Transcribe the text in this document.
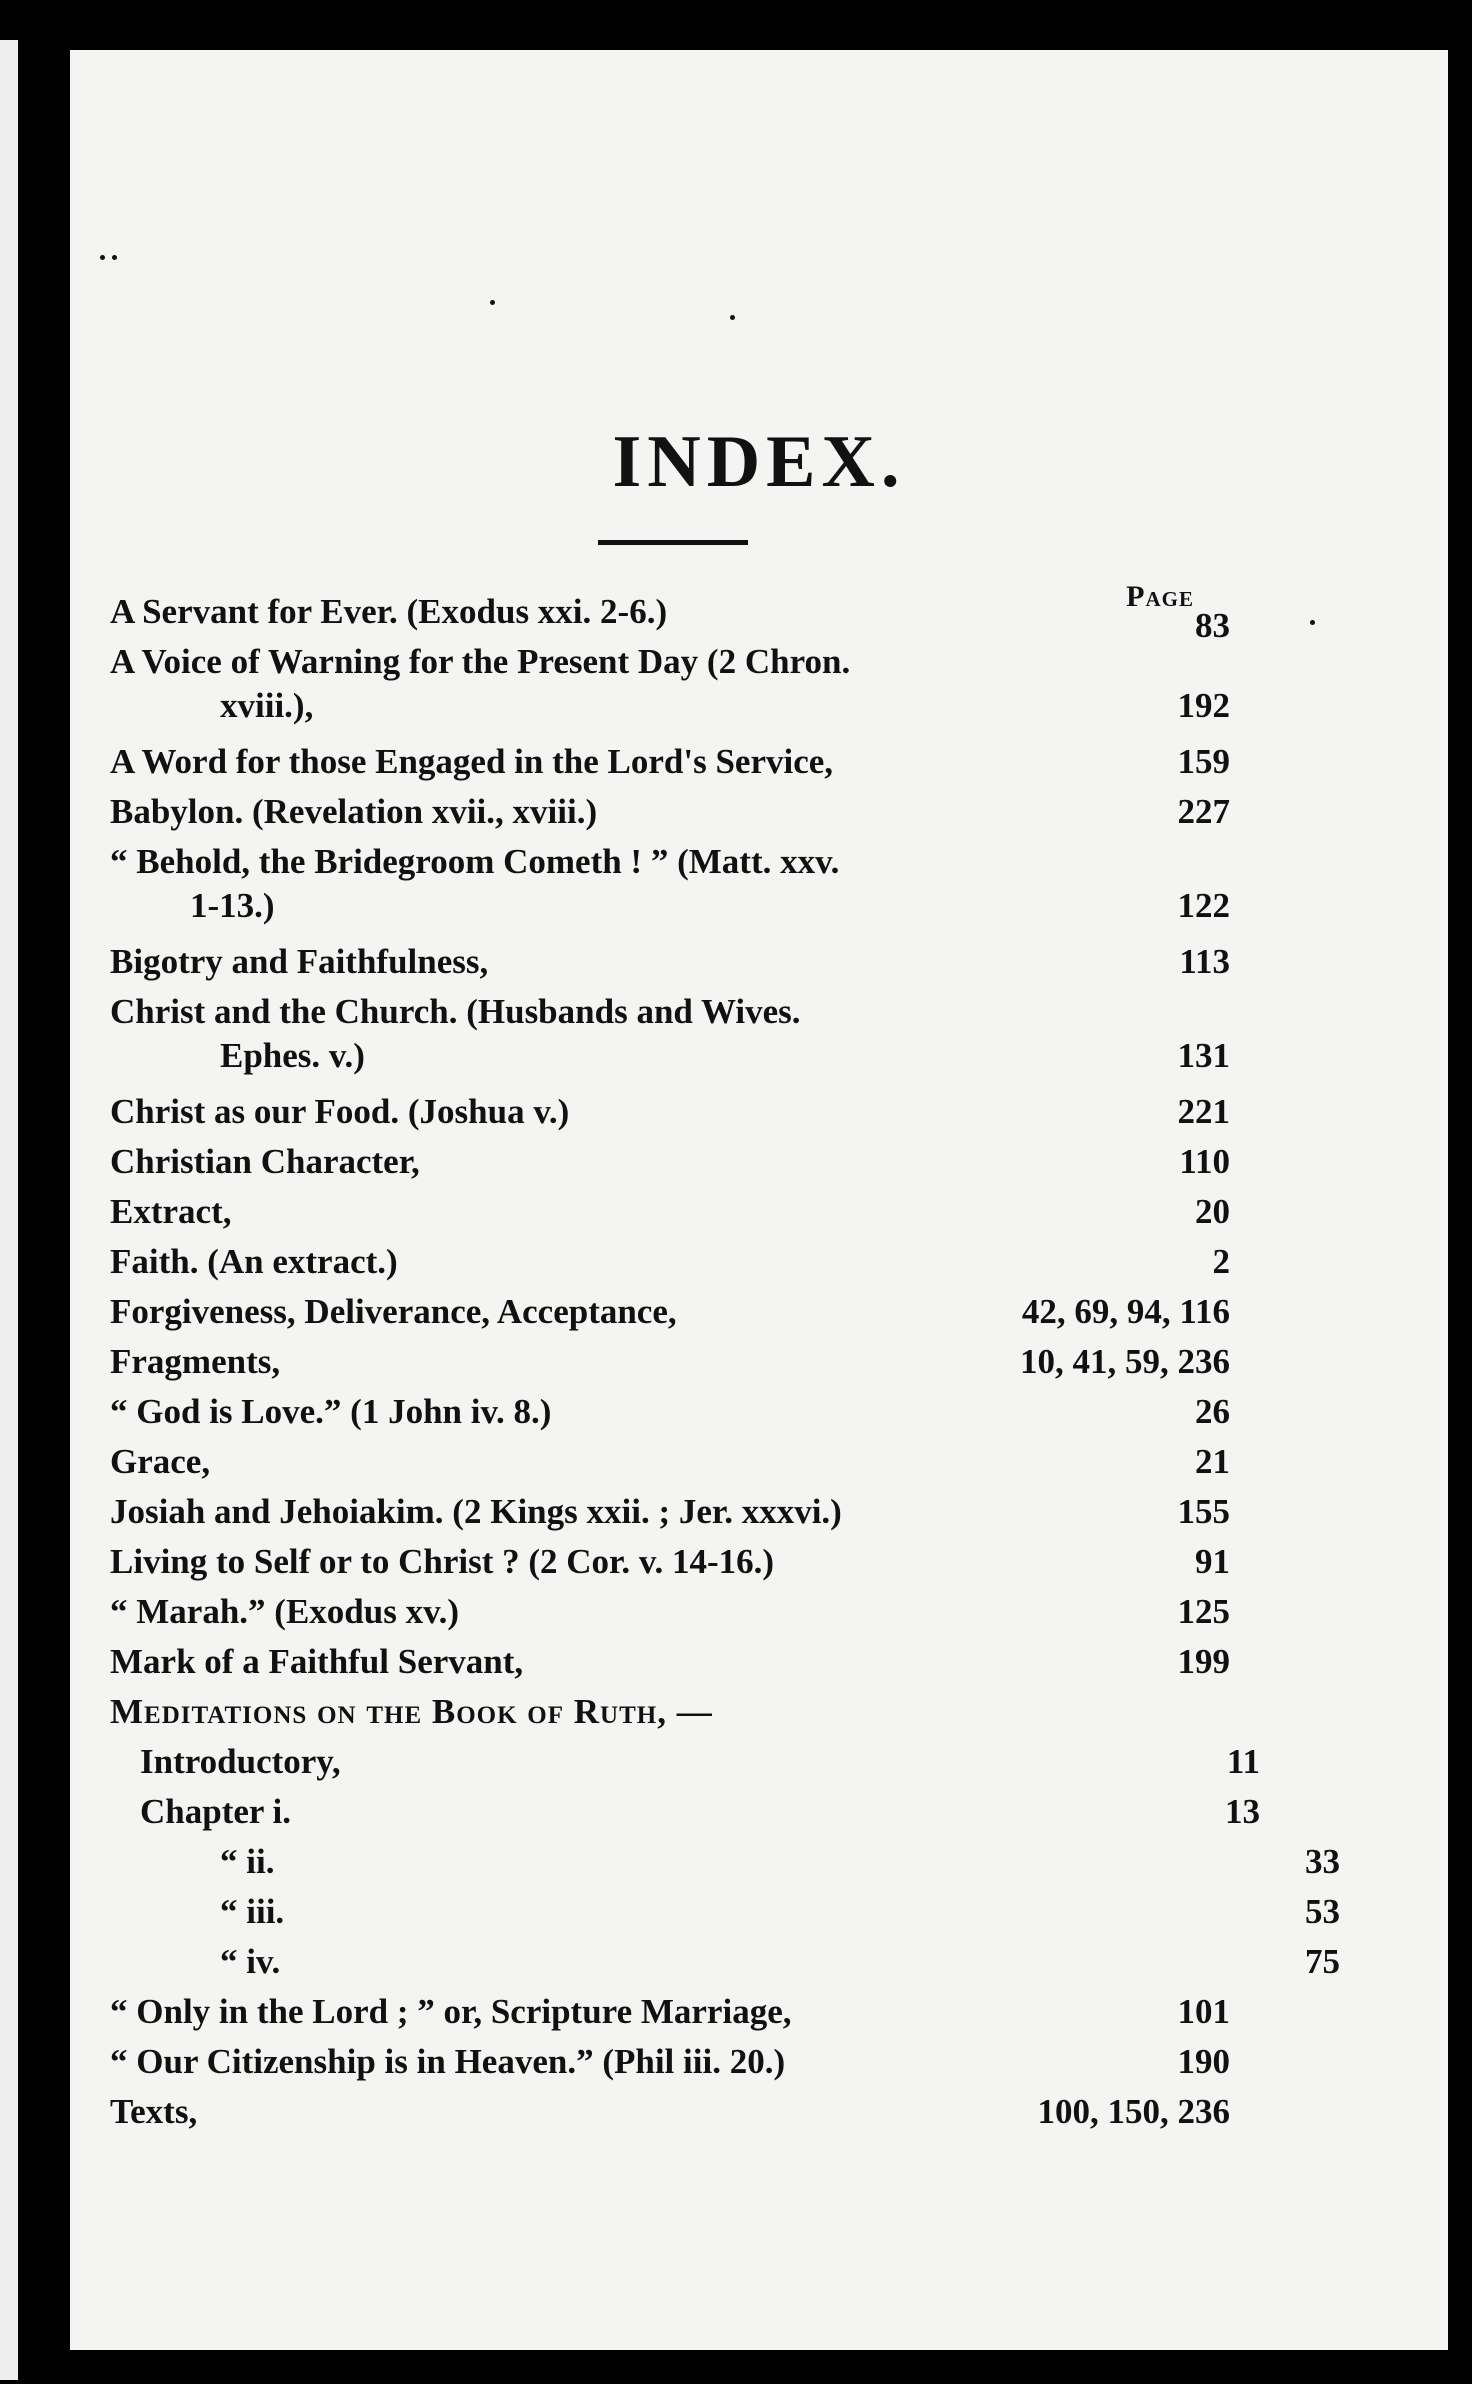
INDEX.
Page
A Servant for Ever. (Exodus xxi. 2-6.)	83
A Voice of Warning for the Present Day (2 Chron.
xviii.),	192
A Word for those Engaged in the Lord's Service,	159
Babylon. (Revelation xvii., xviii.)	227
“ Behold, the Bridegroom Cometh ! ” (Matt. xxv.
1-13.)	122
Bigotry and Faithfulness,	113
Christ and the Church. (Husbands and Wives.
Ephes. v.)	131
Christ as our Food. (Joshua v.)	221
Christian Character,	110
Extract,	20
Faith. (An extract.)	2
Forgiveness, Deliverance, Acceptance,	42, 69, 94, 116
Fragments,	10, 41, 59, 236
“ God is Love.” (1 John iv. 8.)	26
Grace,	21
Josiah and Jehoiakim. (2 Kings xxii. ; Jer. xxxvi.)	155
Living to Self or to Christ ? (2 Cor. v. 14-16.)	91
“ Marah.” (Exodus xv.)	125
Mark of a Faithful Servant,	199
Meditations on the Book of Ruth, —
Introductory,	11
Chapter i.	13
“ ii.	33
“ iii.	53
“ iv.	75
“ Only in the Lord ; ” or, Scripture Marriage,	101
“ Our Citizenship is in Heaven.” (Phil iii. 20.)	190
Texts,	100, 150, 236
